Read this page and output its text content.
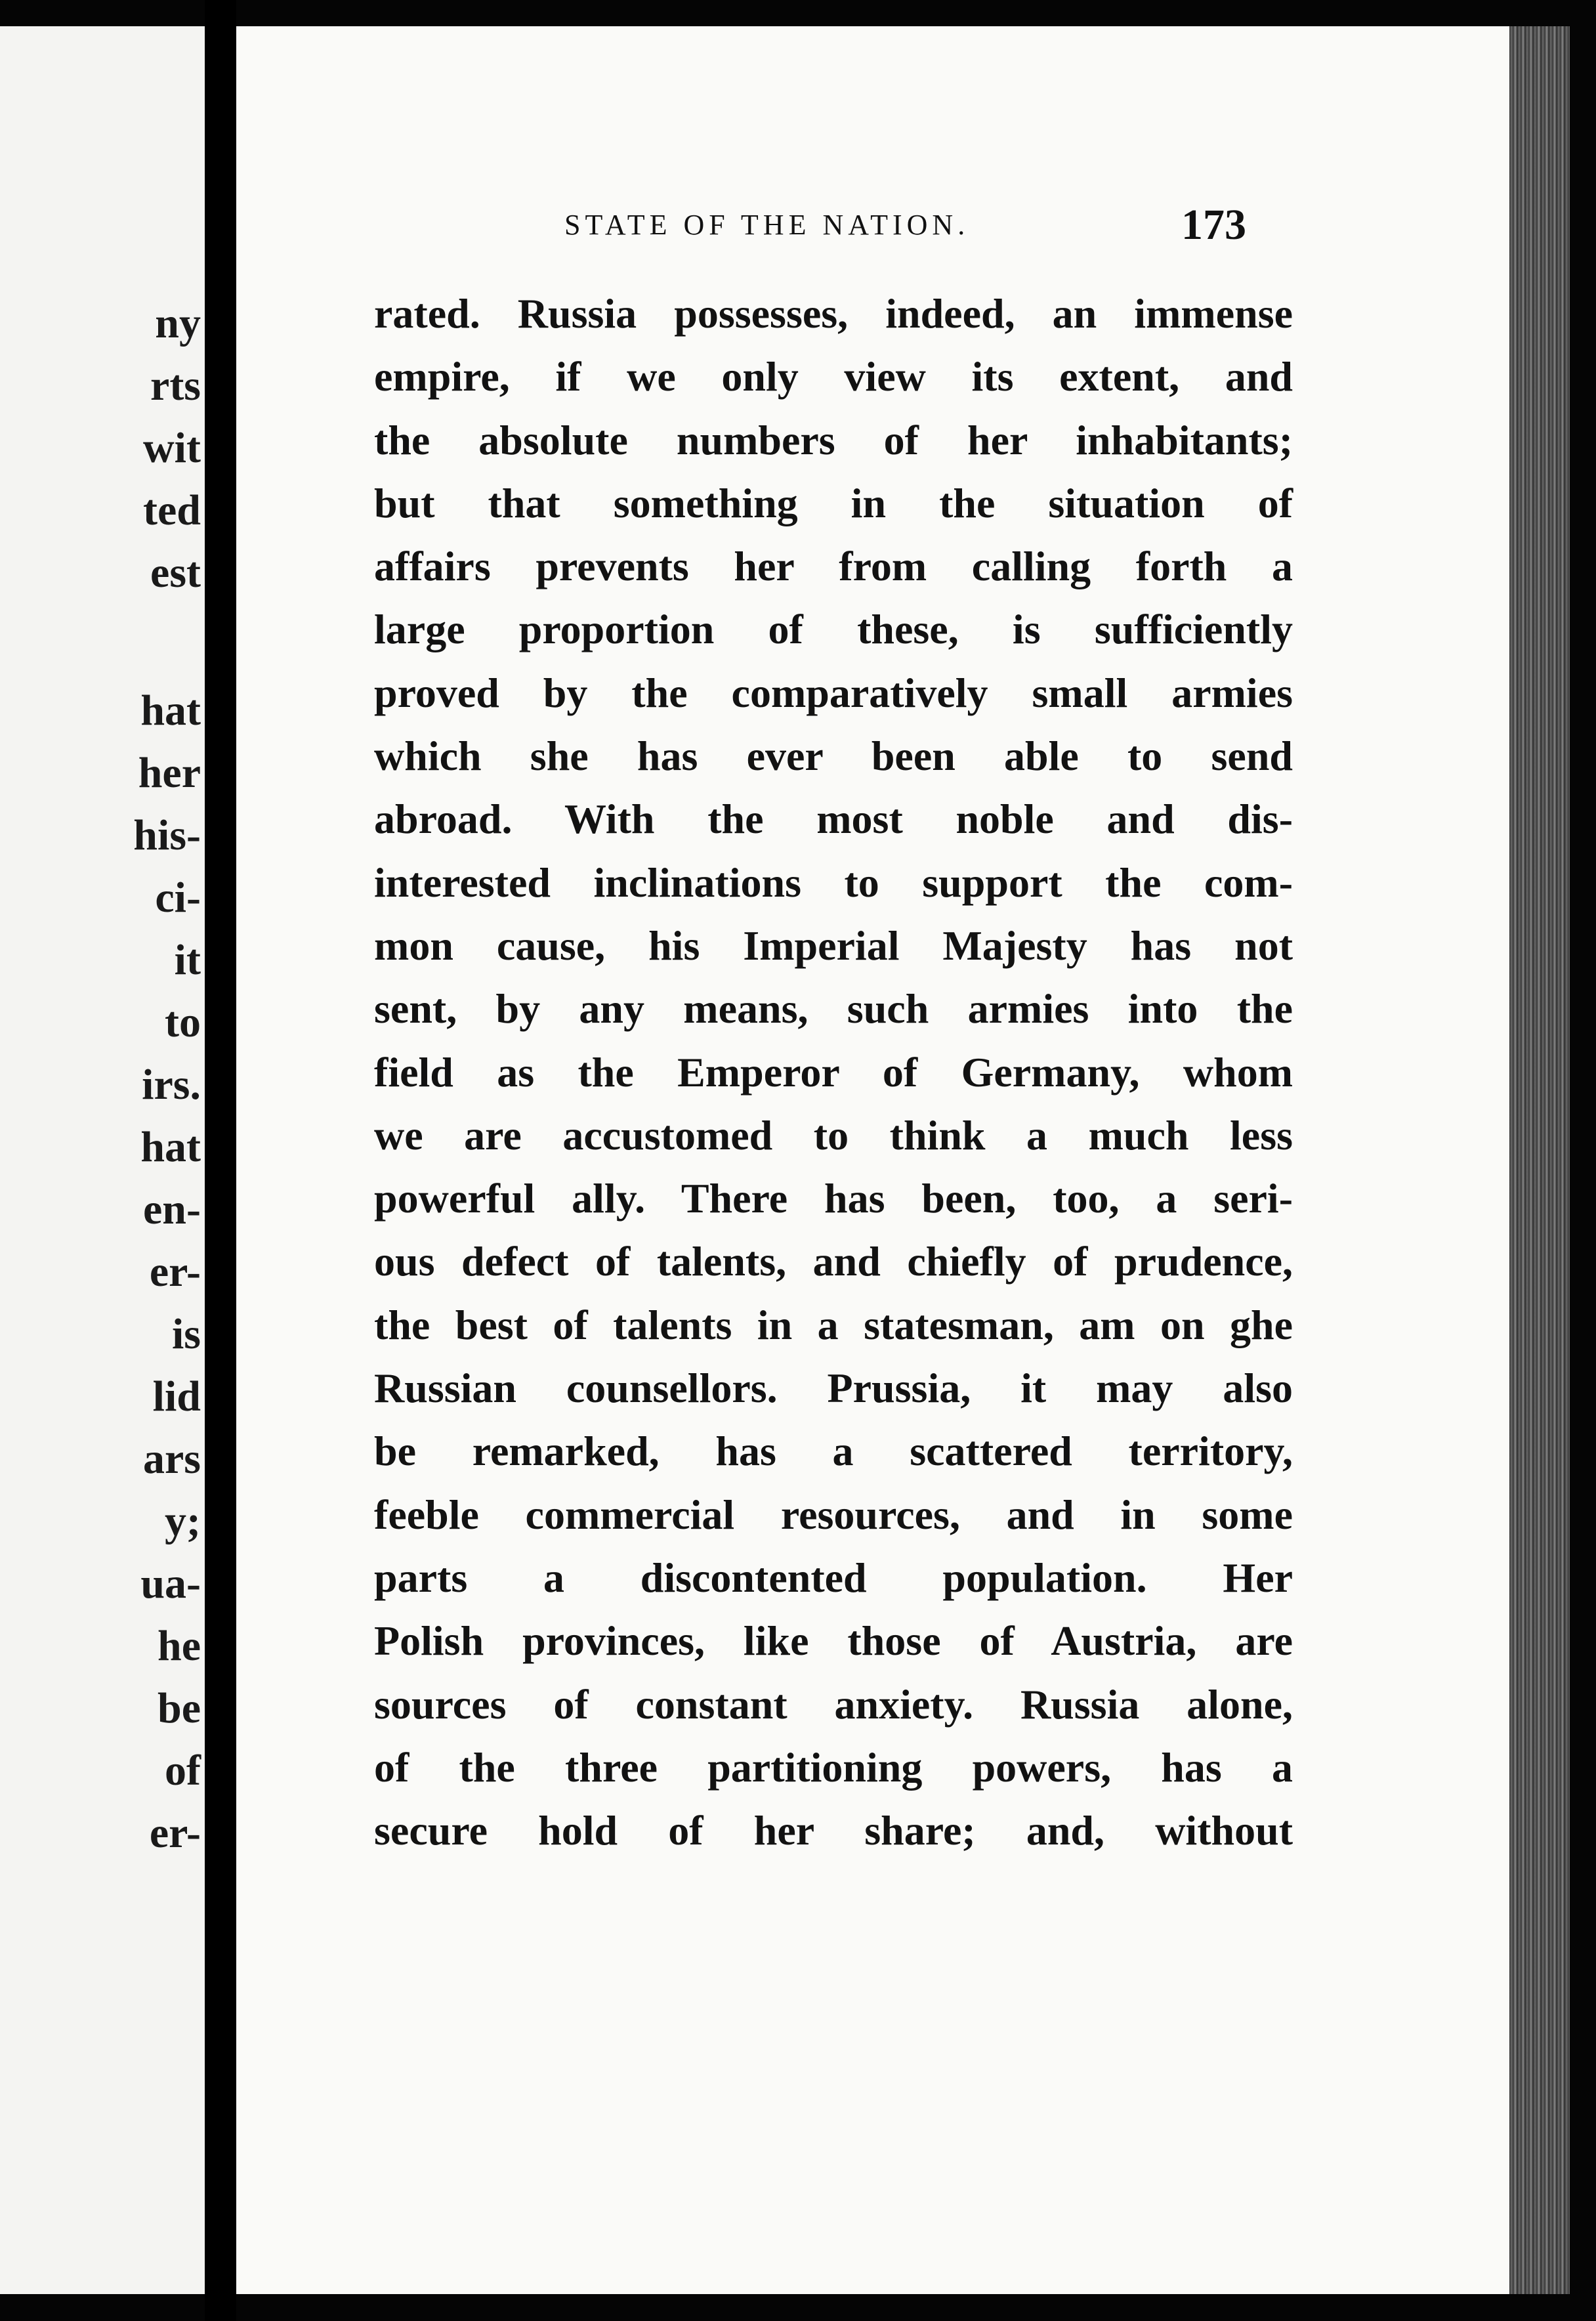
ny
rts
wit
ted
est
hat
her
his-
ci-
it
to
irs.
hat
en-
er-
is
lid
ars
y;
ua-
he
be
of
er-
STATE OF THE NATION.	173
rated. Russia possesses, indeed, an immense
empire, if we only view its extent, and
the absolute numbers of her inhabitants;
but that something in the situation of
affairs prevents her from calling forth a
large proportion of these, is sufficiently
proved by the comparatively small armies
which she has ever been able to send
abroad. With the most noble and dis-
interested inclinations to support the com-
mon cause, his Imperial Majesty has not
sent, by any means, such armies into the
field as the Emperor of Germany, whom
we are accustomed to think a much less
powerful ally. There has been, too, a seri-
ous defect of talents, and chiefly of prudence,
the best of talents in a statesman, am on ghe
Russian counsellors. Prussia, it may also
be remarked, has a scattered territory,
feeble commercial resources, and in some
parts a discontented population. Her
Polish provinces, like those of Austria, are
sources of constant anxiety. Russia alone,
of the three partitioning powers, has a
secure hold of her share; and, without
